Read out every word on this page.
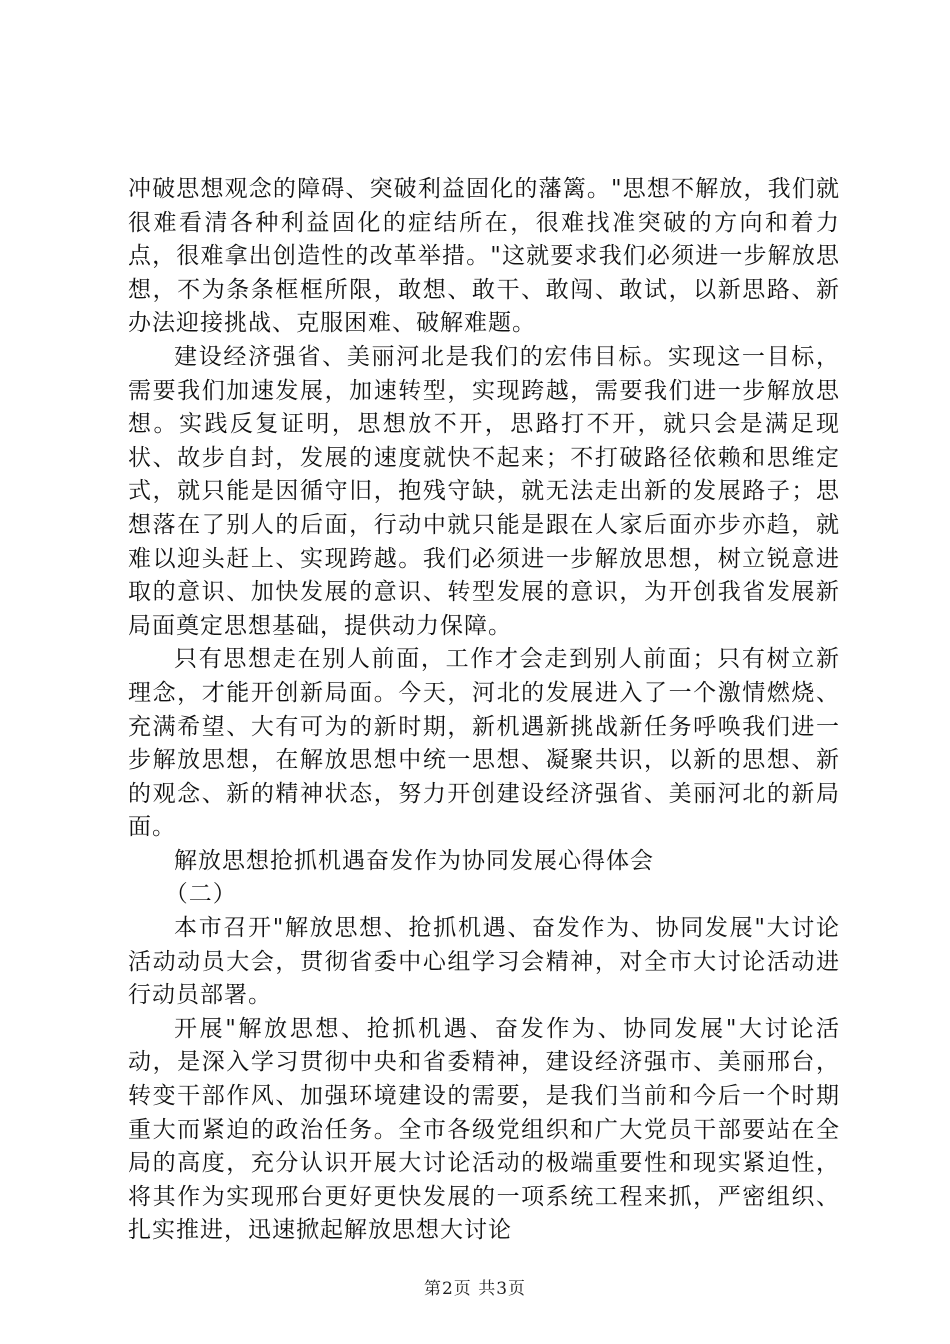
冲破思想观念的障碍、突破利益固化的藩篱。"思想不解放，我们就很难看清各种利益固化的症结所在，很难找准突破的方向和着力点，很难拿出创造性的改革举措。"这就要求我们必须进一步解放思想，不为条条框框所限，敢想、敢干、敢闯、敢试，以新思路、新办法迎接挑战、克服困难、破解难题。

建设经济强省、美丽河北是我们的宏伟目标。实现这一目标，需要我们加速发展，加速转型，实现跨越，需要我们进一步解放思想。实践反复证明，思想放不开，思路打不开，就只会是满足现状、故步自封，发展的速度就快不起来；不打破路径依赖和思维定式，就只能是因循守旧，抱残守缺，就无法走出新的发展路子；思想落在了别人的后面，行动中就只能是跟在人家后面亦步亦趋，就难以迎头赶上、实现跨越。我们必须进一步解放思想，树立锐意进取的意识、加快发展的意识、转型发展的意识，为开创我省发展新局面奠定思想基础，提供动力保障。

只有思想走在别人前面，工作才会走到别人前面；只有树立新理念，才能开创新局面。今天，河北的发展进入了一个激情燃烧、充满希望、大有可为的新时期，新机遇新挑战新任务呼唤我们进一步解放思想，在解放思想中统一思想、凝聚共识，以新的思想、新的观念、新的精神状态，努力开创建设经济强省、美丽河北的新局面。

解放思想抢抓机遇奋发作为协同发展心得体会

（二）

本市召开"解放思想、抢抓机遇、奋发作为、协同发展"大讨论活动动员大会，贯彻省委中心组学习会精神，对全市大讨论活动进行动员部署。

开展"解放思想、抢抓机遇、奋发作为、协同发展"大讨论活动，是深入学习贯彻中央和省委精神，建设经济强市、美丽邢台，转变干部作风、加强环境建设的需要，是我们当前和今后一个时期重大而紧迫的政治任务。全市各级党组织和广大党员干部要站在全局的高度，充分认识开展大讨论活动的极端重要性和现实紧迫性，将其作为实现邢台更好更快发展的一项系统工程来抓，严密组织、扎实推进，迅速掀起解放思想大讨论

第2页 共3页
